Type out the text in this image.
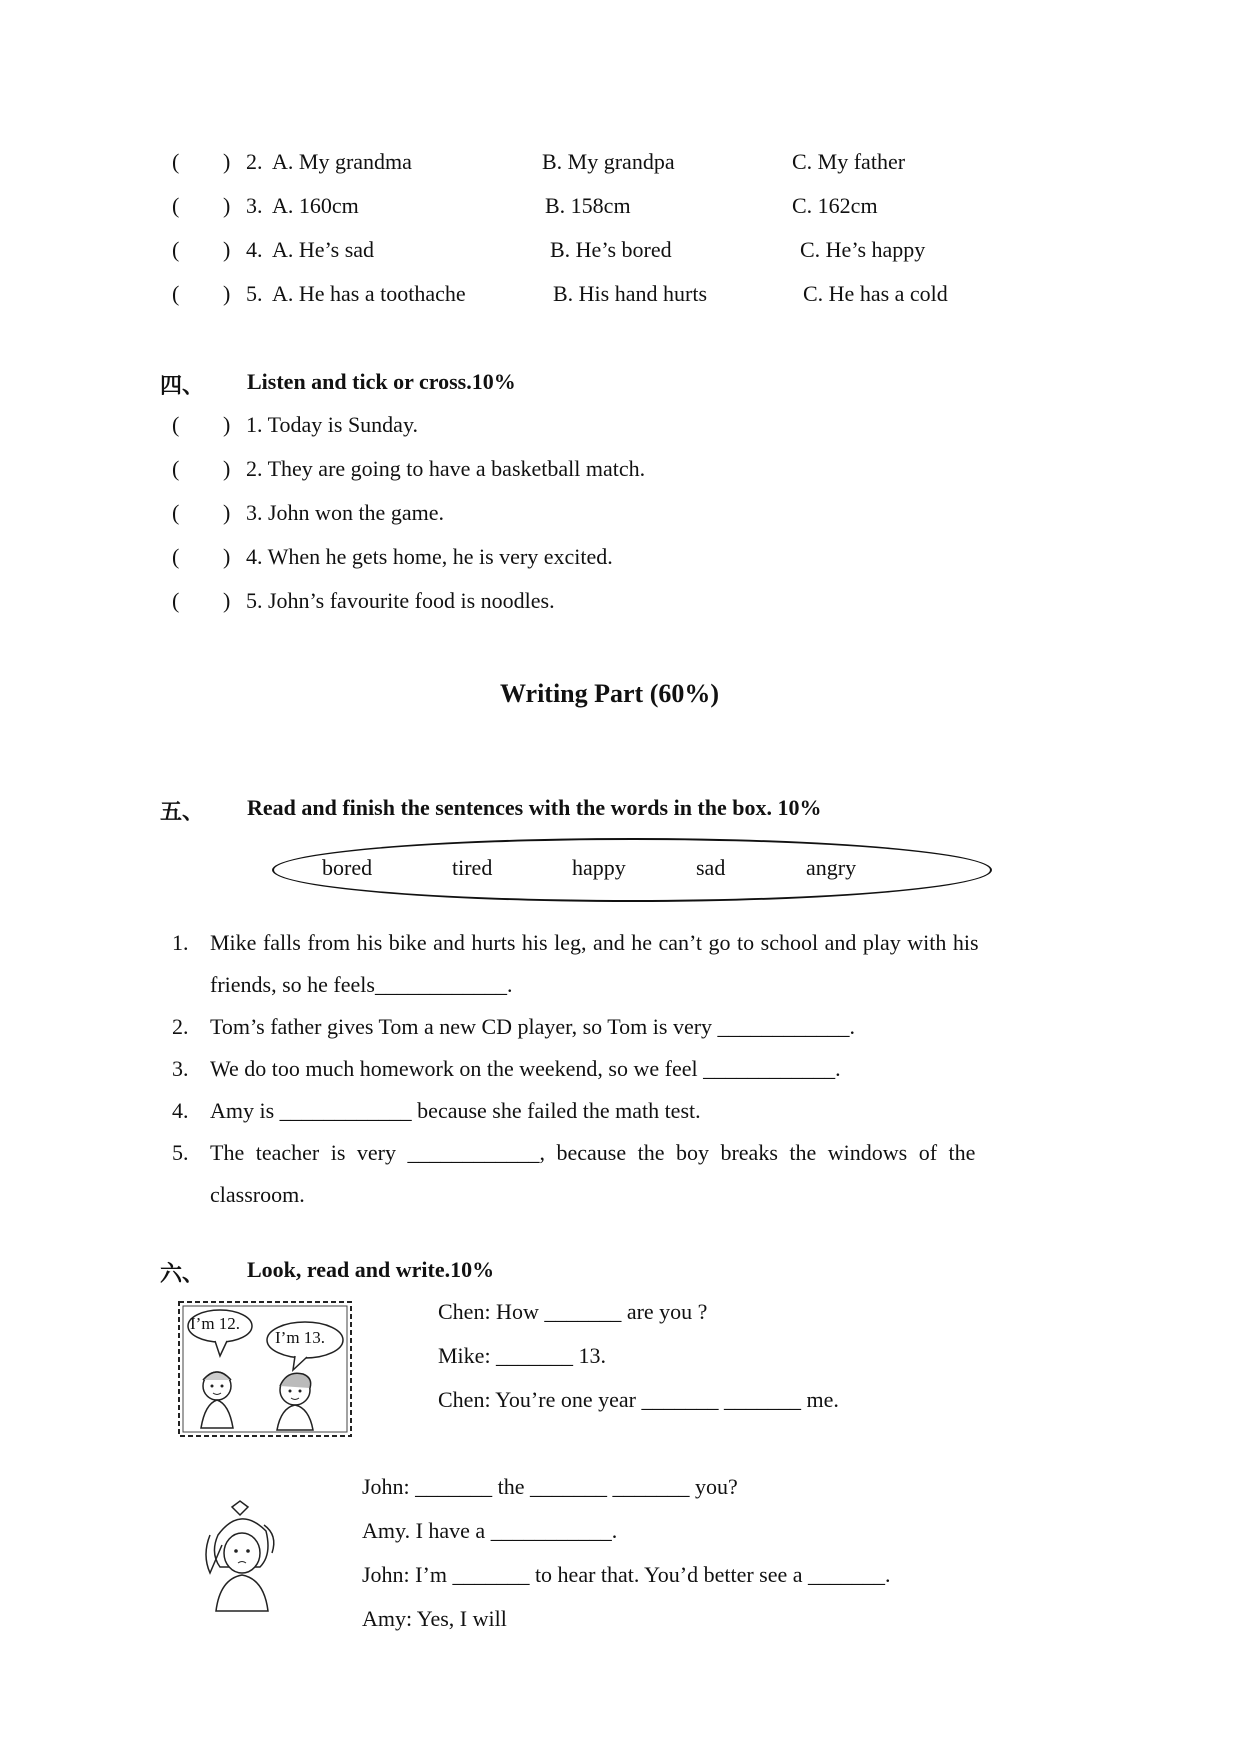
( ) 2. A. My grandma	B. My grandpa	C. My father
( ) 3. A. 160cm	B. 158cm	C. 162cm
( ) 4. A. He’s sad	B. He’s bored	C. He’s happy
( ) 5. A. He has a toothache	B. His hand hurts	C. He has a cold
四、 Listen and tick or cross.10%
( ) 1. Today is Sunday.
( ) 2. They are going to have a basketball match.
( ) 3. John won the game.
( ) 4. When he gets home, he is very excited.
( ) 5. John’s favourite food is noodles.
Writing Part (60%)
五、 Read and finish the sentences with the words in the box. 10%
bored	tired	happy	sad	angry
1. Mike falls from his bike and hurts his leg, and he can’t go to school and play with his
friends, so he feels____________.
2. Tom’s father gives Tom a new CD player, so Tom is very ____________.
3. We do too much homework on the weekend, so we feel ____________.
4. Amy is ____________ because she failed the math test.
5. The teacher is very ____________, because the boy breaks the windows of the
classroom.
六、 Look, read and write.10%
I’m 12.
I’m 13.
Chen: How _______ are you ?
Mike: _______ 13.
Chen: You’re one year _______ _______ me.
John: _______ the _______ _______ you?
Amy. I have a ___________.
John: I’m _______ to hear that. You’d better see a _______.
Amy: Yes, I will
